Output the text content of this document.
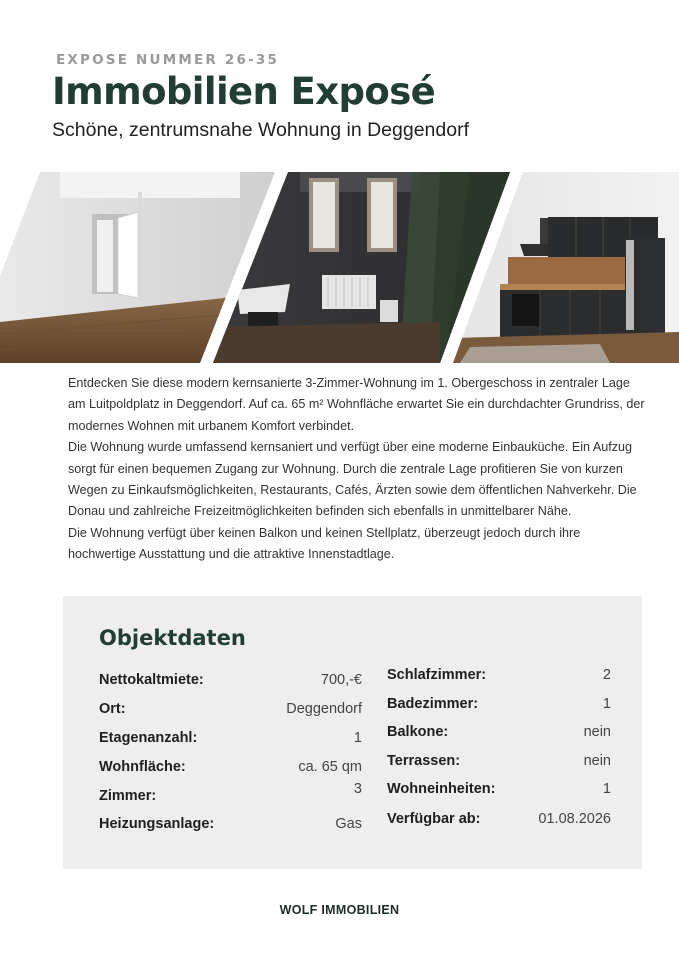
EXPOSE NUMMER 26-35
Immobilien Exposé
Schöne, zentrumsnahe Wohnung in Deggendorf

Entdecken Sie diese modern kernsanierte 3-Zimmer-Wohnung im 1. Obergeschoss in zentraler Lage am Luitpoldplatz in Deggendorf. Auf ca. 65 m² Wohnfläche erwartet Sie ein durchdachter Grundriss, der modernes Wohnen mit urbanem Komfort verbindet.

Die Wohnung wurde umfassend kernsaniert und verfügt über eine moderne Einbauküche. Ein Aufzug sorgt für einen bequemen Zugang zur Wohnung. Durch die zentrale Lage profitieren Sie von kurzen Wegen zu Einkaufsmöglichkeiten, Restaurants, Cafés, Ärzten sowie dem öffentlichen Nahverkehr. Die Donau und zahlreiche Freizeitmöglichkeiten befinden sich ebenfalls in unmittelbarer Nähe.

Die Wohnung verfügt über keinen Balkon und keinen Stellplatz, überzeugt jedoch durch ihre hochwertige Ausstattung und die attraktive Innenstadtlage.

Objektdaten
Nettokaltmiete:	700,-€
Ort:	Deggendorf
Etagenanzahl:	1
Wohnfläche:	ca. 65 qm
Zimmer:	3
Heizungsanlage:	Gas
Schlafzimmer:	2
Badezimmer:	1
Balkone:	nein
Terrassen:	nein
Wohneinheiten:	1
Verfügbar ab:	01.08.2026
WOLF IMMOBILIEN
